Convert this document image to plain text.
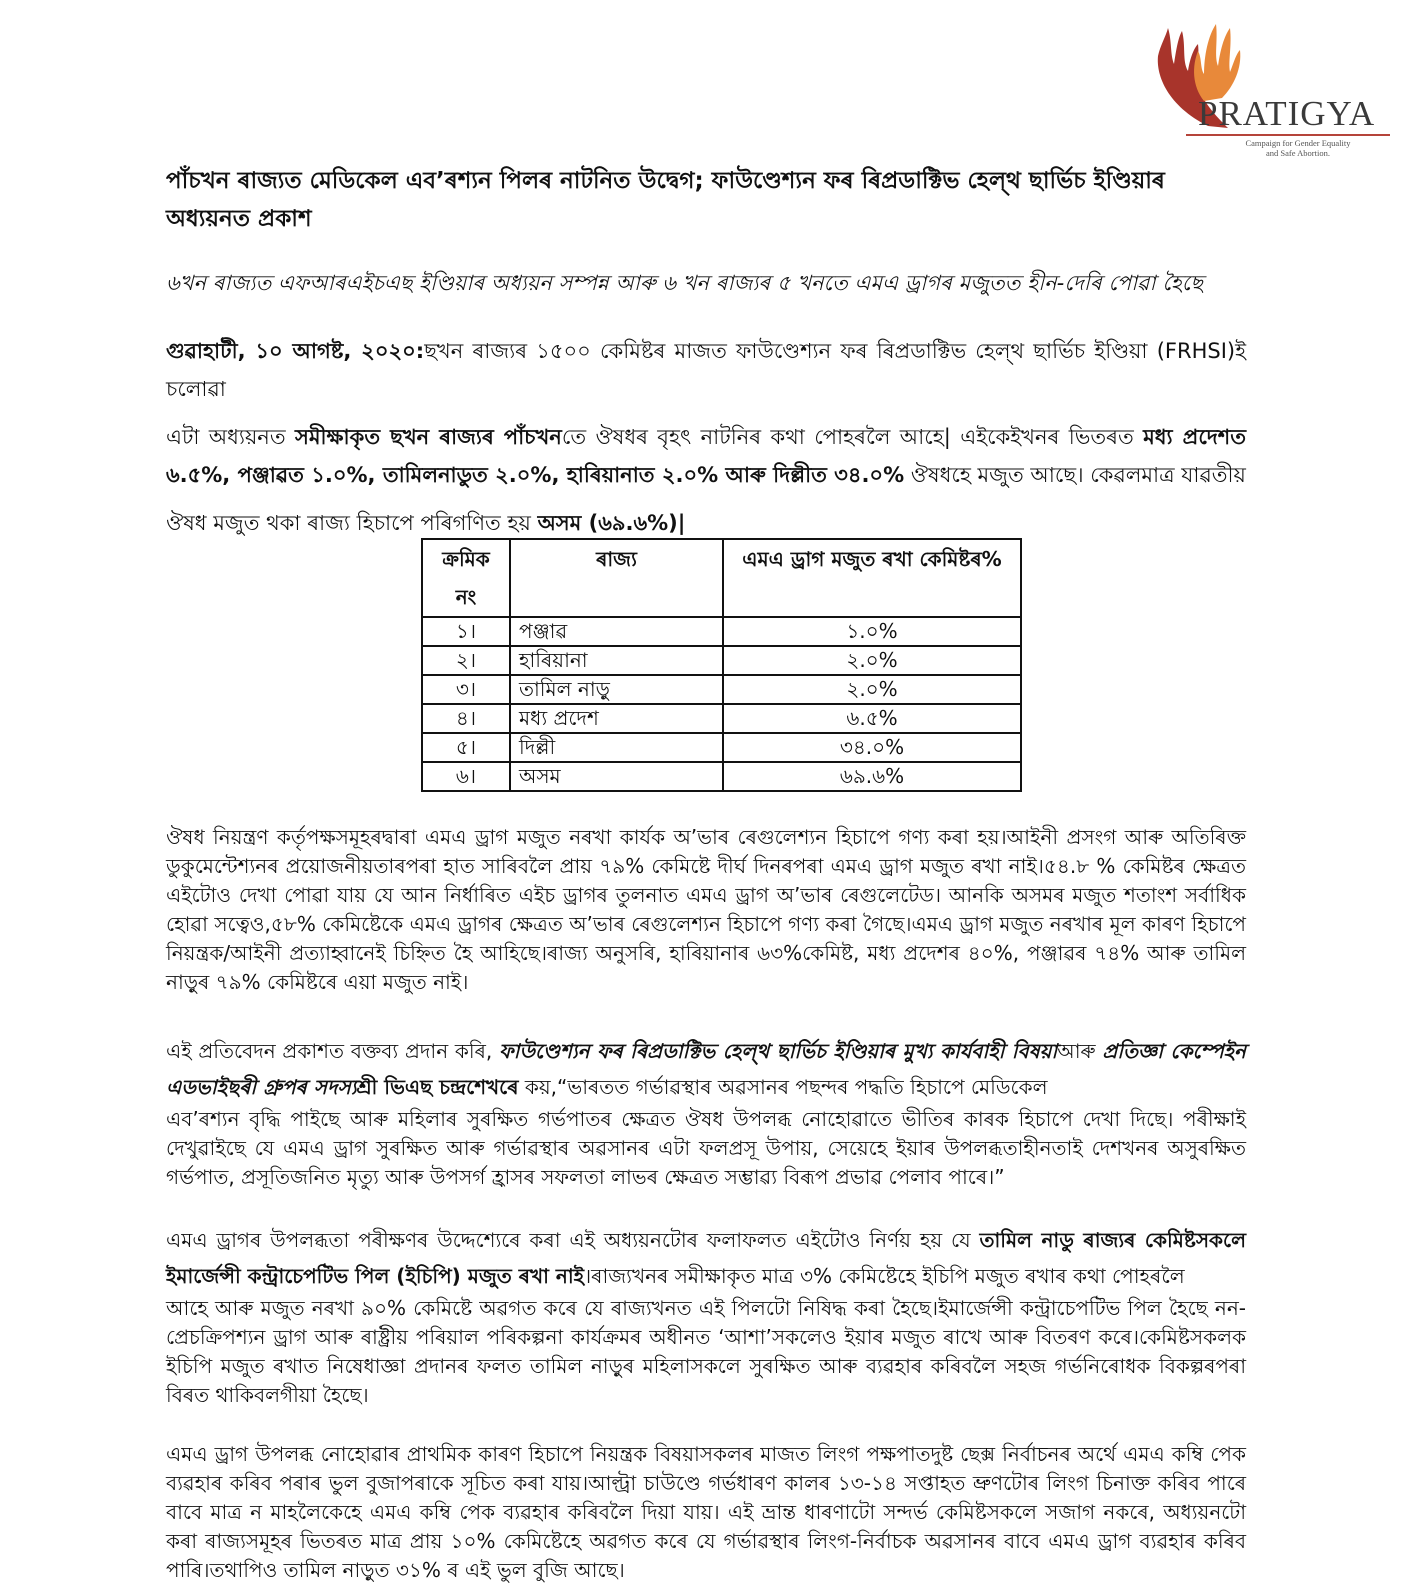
PRATIGYA
Campaign for Gender Equality
and Safe Abortion.
পাঁচখন ৰাজ্যত মেডিকেল এব’ৰশ্যন পিলৰ নাটনিত উদ্বেগ; ফাউণ্ডেশ্যন ফৰ ৰিপ্ৰডাক্টিভ হেল্থ ছাৰ্ভিচ ইণ্ডিয়াৰ অধ্যয়নত প্ৰকাশ

৬খন ৰাজ্যত এফআৰএইচএছ ইণ্ডিয়াৰ অধ্যয়ন সম্পন্ন আৰু ৬ খন ৰাজ্যৰ ৫ খনতে এমএ ড্ৰাগৰ মজুতত হীন-দেৰি পোৱা হৈছে

গুৱাহাটী, ১০ আগষ্ট, ২০২০:ছখন ৰাজ্যৰ ১৫০০ কেমিষ্টৰ মাজত ফাউণ্ডেশ্যন ফৰ ৰিপ্ৰডাক্টিভ হেল্থ ছাৰ্ভিচ ইণ্ডিয়া (FRHSI)ই চলোৱা
এটা অধ্যয়নত সমীক্ষাকৃত ছখন ৰাজ্যৰ পাঁচখনতে ঔষধৰ বৃহৎ নাটনিৰ কথা পোহৰলৈ আহে| এইকেইখনৰ ভিতৰত মধ্য প্ৰদেশত ৬.৫%, পঞ্জাৱত ১.০%, তামিলনাডুত ২.০%, হাৰিয়ানাত ২.০% আৰু দিল্লীত ৩৪.০% ঔষধহে মজুত আছে। কেৱলমাত্ৰ যাৱতীয়
ঔষধ মজুত থকা ৰাজ্য হিচাপে পৰিগণিত হয় অসম (৬৯.৬%)|

ক্ৰমিক নং	ৰাজ্য	এমএ ড্ৰাগ মজুত ৰখা কেমিষ্টৰ%
১।	পঞ্জাৱ	১.০%
২।	হাৰিয়ানা	২.০%
৩।	তামিল নাড়ু	২.০%
৪।	মধ্য প্ৰদেশ	৬.৫%
৫।	দিল্লী	৩৪.০%
৬।	অসম	৬৯.৬%

ঔষধ নিয়ন্ত্ৰণ কৰ্তৃপক্ষসমূহৰদ্বাৰা এমএ ড্ৰাগ মজুত নৰখা কাৰ্যক অ’ভাৰ ৰেগুলেশ্যন হিচাপে গণ্য কৰা হয়।আইনী প্ৰসংগ আৰু অতিৰিক্ত ডুকুমেন্টেশ্যনৰ প্ৰয়োজনীয়তাৰপৰা হাত সাৰিবলৈ প্ৰায় ৭৯% কেমিষ্টে দীৰ্ঘ দিনৰপৰা এমএ ড্ৰাগ মজুত ৰখা নাই।৫৪.৮ % কেমিষ্টৰ ক্ষেত্ৰত এইটোও দেখা পোৱা যায় যে আন নিৰ্ধাৰিত এইচ ড্ৰাগৰ তুলনাত এমএ ড্ৰাগ অ’ভাৰ ৰেগুলেটেড। আনকি অসমৰ মজুত শতাংশ সৰ্বাধিক হোৱা সত্বেও,৫৮% কেমিষ্টেকে এমএ ড্ৰাগৰ ক্ষেত্ৰত অ’ভাৰ ৰেগুলেশ্যন হিচাপে গণ্য কৰা গৈছে।এমএ ড্ৰাগ মজুত নৰখাৰ মূল কাৰণ হিচাপে নিয়ন্ত্ৰক/আইনী প্ৰত্যাহ্বানেই চিহ্নিত হৈ আহিছে।ৰাজ্য অনুসৰি, হাৰিয়ানাৰ ৬৩%কেমিষ্ট, মধ্য প্ৰদেশৰ ৪০%, পঞ্জাৱৰ ৭৪% আৰু তামিল নাড়ুৰ ৭৯% কেমিষ্টৰে এয়া মজুত নাই।

এই প্ৰতিবেদন প্ৰকাশত বক্তব্য প্ৰদান কৰি, ফাউণ্ডেশ্যন ফৰ ৰিপ্ৰডাক্টিভ হেল্থ ছাৰ্ভিচ ইণ্ডিয়াৰ মুখ্য কাৰ্যবাহী বিষয়াআৰু প্ৰতিজ্ঞা কেম্পেইন এডভাইছৰী গ্ৰুপৰ সদস্যশ্ৰী ভিএছ চন্দ্ৰশেখৰে কয়,“ভাৰতত গৰ্ভাৱস্থাৰ অৱসানৰ পছন্দৰ পদ্ধতি হিচাপে মেডিকেল
এব’ৰশ্যন বৃদ্ধি পাইছে আৰু মহিলাৰ সুৰক্ষিত গৰ্ভপাতৰ ক্ষেত্ৰত ঔষধ উপলব্ধ নোহোৱাতে ভীতিৰ কাৰক হিচাপে দেখা দিছে। পৰীক্ষাই দেখুৱাইছে যে এমএ ড্ৰাগ সুৰক্ষিত আৰু গৰ্ভাৱস্থাৰ অৱসানৰ এটা ফলপ্ৰসূ উপায়, সেয়েহে ইয়াৰ উপলব্ধতাহীনতাই দেশখনৰ অসুৰক্ষিত গৰ্ভপাত, প্ৰসূতিজনিত মৃত্যু আৰু উপসৰ্গ হ্ৰাসৰ সফলতা লাভৰ ক্ষেত্ৰত সম্ভাৱ্য বিৰূপ প্ৰভাৱ পেলাব পাৰে।”

এমএ ড্ৰাগৰ উপলব্ধতা পৰীক্ষণৰ উদ্দেশ্যেৰে কৰা এই অধ্যয়নটোৰ ফলাফলত এইটোও নিৰ্ণয় হয় যে তামিল নাডু ৰাজ্যৰ কেমিষ্টসকলে ইমাৰ্জেন্সী কন্ট্ৰাচেপটিভ পিল (ইচিপি) মজুত ৰখা নাই।ৰাজ্যখনৰ সমীক্ষাকৃত মাত্ৰ ৩% কেমিষ্টেহে ইচিপি মজুত ৰখাৰ কথা পোহৰলৈ
আহে আৰু মজুত নৰখা ৯০% কেমিষ্টে অৱগত কৰে যে ৰাজ্যখনত এই পিলটো নিষিদ্ধ কৰা হৈছে।ইমাৰ্জেন্সী কন্ট্ৰাচেপটিভ পিল হৈছে নন-প্ৰেচক্ৰিপশ্যন ড্ৰাগ আৰু ৰাষ্ট্ৰীয় পৰিয়াল পৰিকল্পনা কাৰ্যক্ৰমৰ অধীনত ‘আশা’সকলেও ইয়াৰ মজুত ৰাখে আৰু বিতৰণ কৰে।কেমিষ্টসকলক ইচিপি মজুত ৰখাত নিষেধাজ্ঞা প্ৰদানৰ ফলত তামিল নাড়ুৰ মহিলাসকলে সুৰক্ষিত আৰু ব্যৱহাৰ কৰিবলৈ সহজ গৰ্ভনিৰোধক বিকল্পৰপৰা বিৰত থাকিবলগীয়া হৈছে।

এমএ ড্ৰাগ উপলব্ধ নোহোৱাৰ প্ৰাথমিক কাৰণ হিচাপে নিয়ন্ত্ৰক বিষয়াসকলৰ মাজত লিংগ পক্ষপাতদুষ্ট ছেক্স নিৰ্বাচনৰ অৰ্থে এমএ কম্বি পেক ব্যৱহাৰ কৰিব পৰাৰ ভুল বুজাপৰাকে সূচিত কৰা যায়।আল্ট্ৰা চাউণ্ডে গৰ্ভধাৰণ কালৰ ১৩-১৪ সপ্তাহত ভ্ৰুণটোৰ লিংগ চিনাক্ত কৰিব পাৰে বাবে মাত্ৰ ন মাহলৈকেহে এমএ কম্বি পেক ব্যৱহাৰ কৰিবলৈ দিয়া যায়। এই ভ্ৰান্ত ধাৰণাটো সন্দৰ্ভ কেমিষ্টসকলে সজাগ নকৰে, অধ্যয়নটো কৰা ৰাজ্যসমূহৰ ভিতৰত মাত্ৰ প্ৰায় ১০% কেমিষ্টেহে অৱগত কৰে যে গৰ্ভাৱস্থাৰ লিংগ-নিৰ্বাচক অৱসানৰ বাবে এমএ ড্ৰাগ ব্যৱহাৰ কৰিব পাৰি।তথাপিও তামিল নাড়ুত ৩১% ৰ এই ভুল বুজি আছে।
